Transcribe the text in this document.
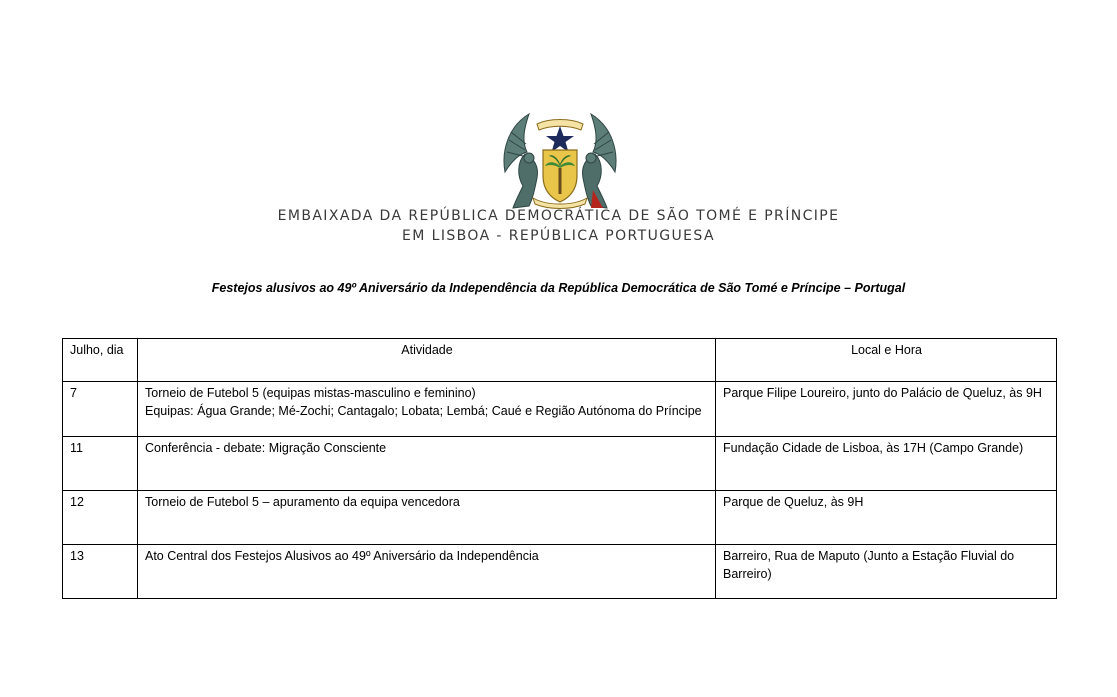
EMBAIXADA DA REPÚBLICA DEMOCRÁTICA DE SÃO TOMÉ E PRÍNCIPE
EM LISBOA - REPÚBLICA PORTUGUESA
Festejos alusivos ao 49º Aniversário da Independência da República Democrática de São Tomé e Príncipe – Portugal
Julho, dia	Atividade	Local e Hora
7	Torneio de Futebol 5 (equipas mistas-masculino e feminino)
Equipas: Água Grande; Mé-Zochi; Cantagalo; Lobata; Lembá; Caué e Região Autónoma do Príncipe	Parque Filipe Loureiro, junto do Palácio de Queluz, às 9H
11	Conferência - debate: Migração Consciente	Fundação Cidade de Lisboa, às 17H (Campo Grande)
12	Torneio de Futebol 5 – apuramento da equipa vencedora	Parque de Queluz, às 9H
13	Ato Central dos Festejos Alusivos ao 49º Aniversário da Independência	Barreiro, Rua de Maputo (Junto a Estação Fluvial do Barreiro)
